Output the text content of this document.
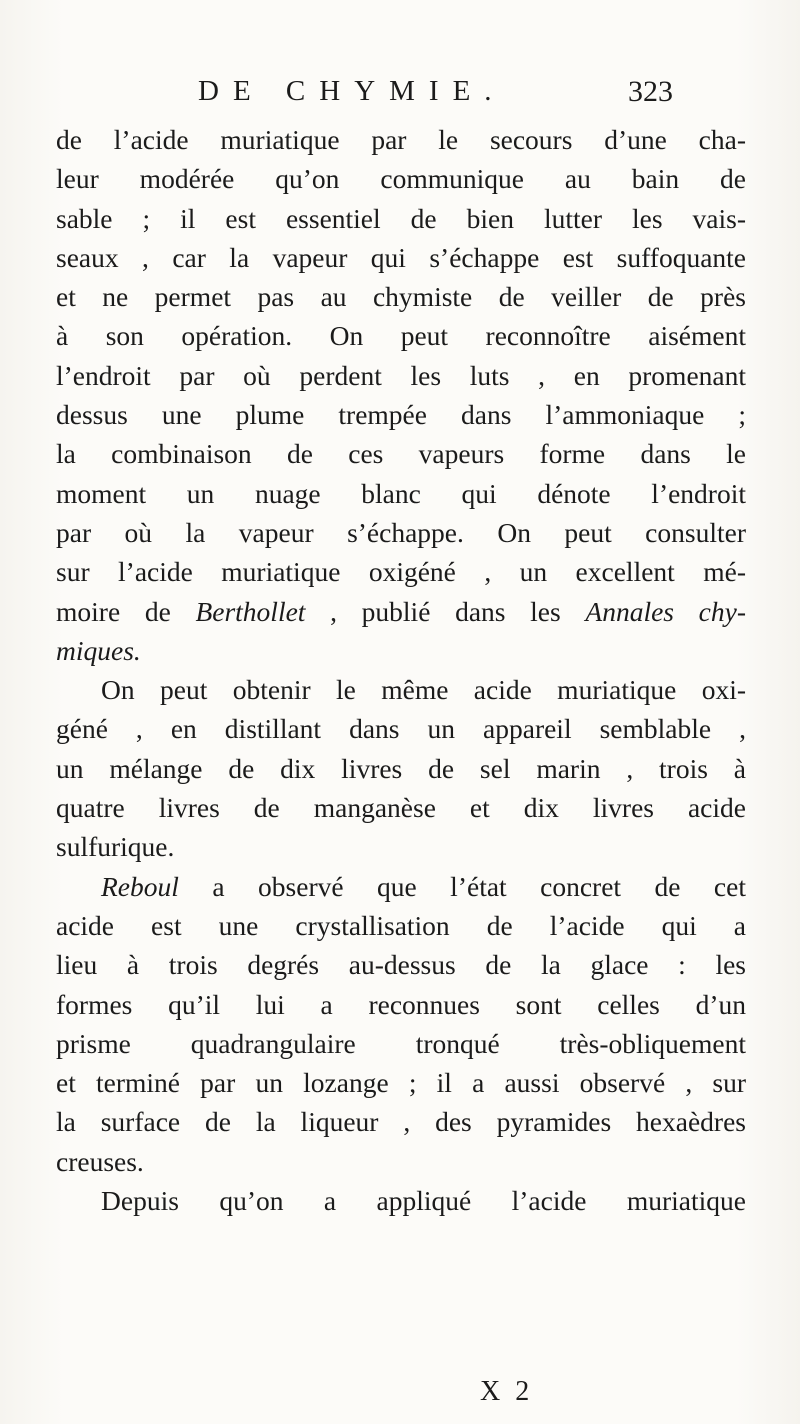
DE CHYMIE.	323
de l’acide muriatique par le secours d’une cha-
leur modérée qu’on communique au bain de
sable ; il est essentiel de bien lutter les vais-
seaux , car la vapeur qui s’échappe est suffoquante
et ne permet pas au chymiste de veiller de près
à son opération. On peut reconnoître aisément
l’endroit par où perdent les luts , en promenant
dessus une plume trempée dans l’ammoniaque ;
la combinaison de ces vapeurs forme dans le
moment un nuage blanc qui dénote l’endroit
par où la vapeur s’échappe. On peut consulter
sur l’acide muriatique oxigéné , un excellent mé-
moire de Berthollet , publié dans les Annales chy-
miques.
On peut obtenir le même acide muriatique oxi-
géné , en distillant dans un appareil semblable ,
un mélange de dix livres de sel marin , trois à
quatre livres de manganèse et dix livres acide
sulfurique.
Reboul a observé que l’état concret de cet
acide est une crystallisation de l’acide qui a
lieu à trois degrés au-dessus de la glace : les
formes qu’il lui a reconnues sont celles d’un
prisme quadrangulaire tronqué très-obliquement
et terminé par un lozange ; il a aussi observé , sur
la surface de la liqueur , des pyramides hexaèdres
creuses.
Depuis qu’on a appliqué l’acide muriatique
X 2
